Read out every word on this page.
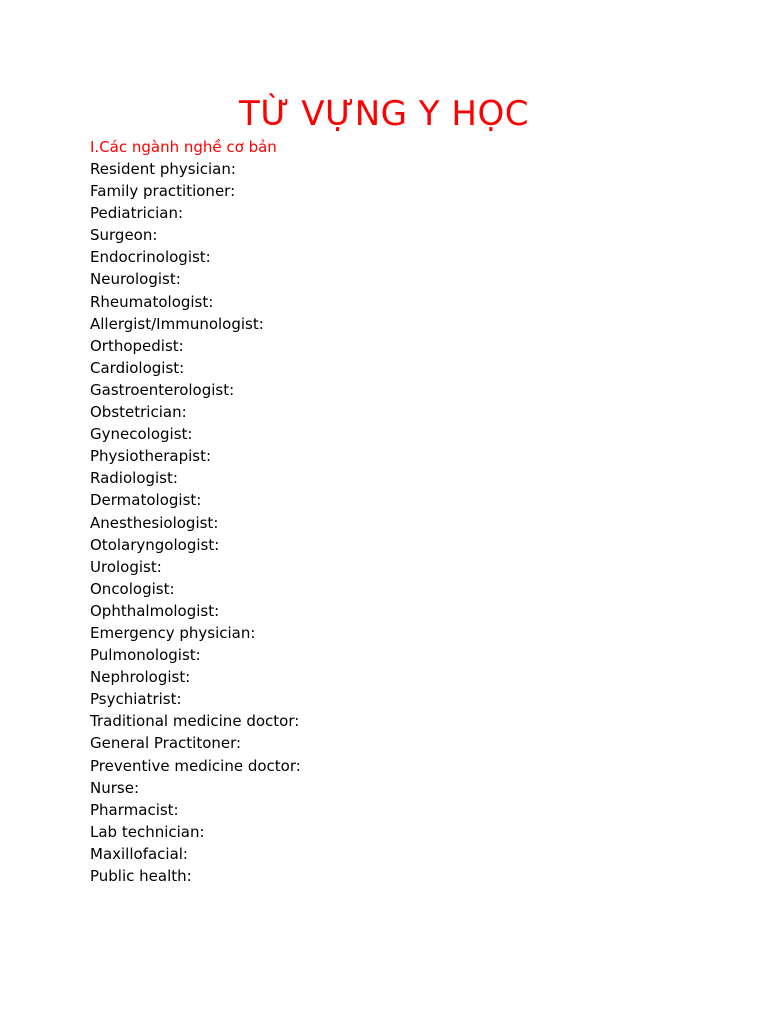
TỪ VỰNG Y HỌC
I.Các ngành nghề cơ bản
Resident physician:
Family practitioner:
Pediatrician:
Surgeon:
Endocrinologist:
Neurologist:
Rheumatologist:
Allergist/Immunologist:
Orthopedist:
Cardiologist:
Gastroenterologist:
Obstetrician:
Gynecologist:
Physiotherapist:
Radiologist:
Dermatologist:
Anesthesiologist:
Otolaryngologist:
Urologist:
Oncologist:
Ophthalmologist:
Emergency physician:
Pulmonologist:
Nephrologist:
Psychiatrist:
Traditional medicine doctor:
General Practitoner:
Preventive medicine doctor:
Nurse:
Pharmacist:
Lab technician:
Maxillofacial:
Public health:
